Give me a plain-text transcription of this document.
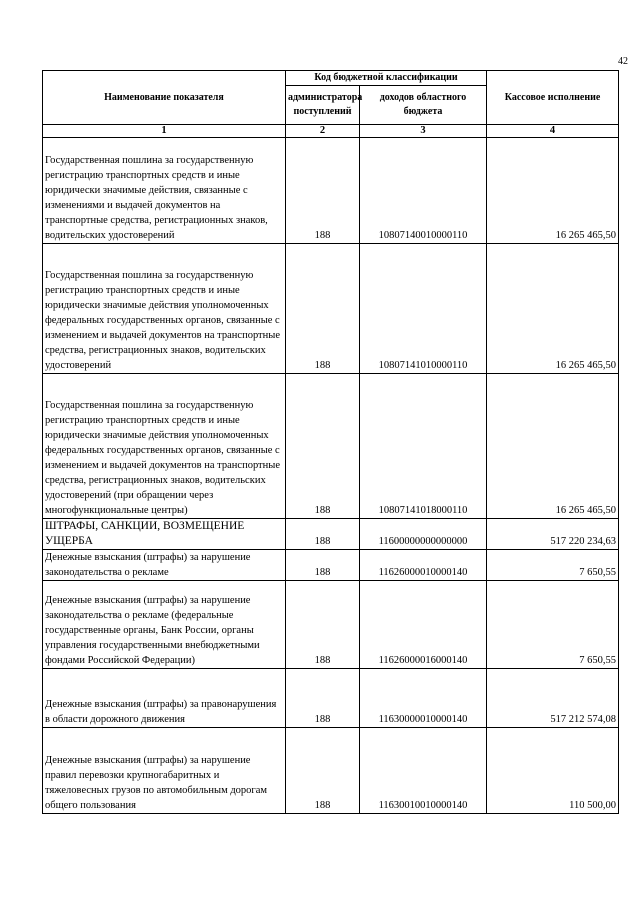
42
Наименование показателя	Код бюджетной классификации		Кассовое исполнение
	администратора поступлений	доходов областного бюджета	
1	2	3	4

Государственная пошлина за государственную регистрацию транспортных средств и иные юридически значимые действия, связанные с изменениями и выдачей документов на транспортные средства, регистрационных знаков, водительских удостоверений	188	10807140010000110	16 265 465,50

Государственная пошлина за государственную регистрацию транспортных средств и иные юридически значимые действия уполномоченных федеральных государственных органов, связанные с изменением и выдачей документов на транспортные средства, регистрационных знаков, водительских удостоверений	188	10807141010000110	16 265 465,50
Государственная пошлина за государственную регистрацию транспортных средств и иные юридически значимые действия уполномоченных федеральных государственных органов, связанные с изменением и выдачей документов на транспортные средства, регистрационных знаков, водительских удостоверений (при обращении через многофункциональные центры)	188	10807141018000110	16 265 465,50
ШТРАФЫ, САНКЦИИ, ВОЗМЕЩЕНИЕ УЩЕРБА	188	11600000000000000	517 220 234,63
Денежные взыскания (штрафы) за нарушение законодательства о рекламе	188	11626000010000140	7 650,55
Денежные взыскания (штрафы) за нарушение законодательства о рекламе (федеральные государственные органы, Банк России, органы управления государственными внебюджетными фондами Российской Федерации)	188	11626000016000140	7 650,55
Денежные взыскания (штрафы) за правонарушения в области дорожного движения	188	11630000010000140	517 212 574,08

Денежные взыскания (штрафы) за нарушение правил перевозки крупногабаритных и тяжеловесных грузов по автомобильным дорогам общего пользования	188	11630010010000140	110 500,00
